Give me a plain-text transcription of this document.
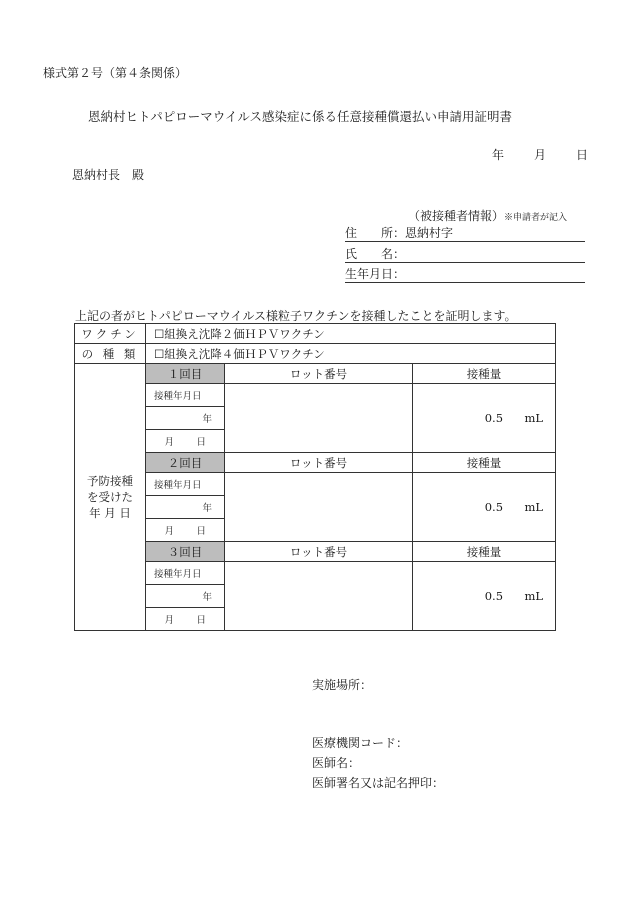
様式第２号（第４条関係）
恩納村ヒトパピローマウイルス感染症に係る任意接種償還払い申請用証明書
年	月	日
恩納村長　殿
（被接種者情報）※申請者が記入
住　　所：恩納村字
氏　　名：
生年月日：
上記の者がヒトパピローマウイルス様粒子ワクチンを接種したことを証明します。
ワクチン	☐組換え沈降２価ＨＰＶワクチン		
の 種 類	☐組換え沈降４価ＨＰＶワクチン		

予防接種
を受けた
年 月 日	１回目	ロット番号	接種量
	接種年月日		0.5 mL
	年		
	月 日		
	２回目	ロット番号	接種量
	接種年月日		0.5 mL
	年		
	月 日		
	３回目	ロット番号	接種量
	接種年月日		0.5 mL
	年		
	月 日		
実施場所：
医療機関コード：
医師名：
医師署名又は記名押印：
